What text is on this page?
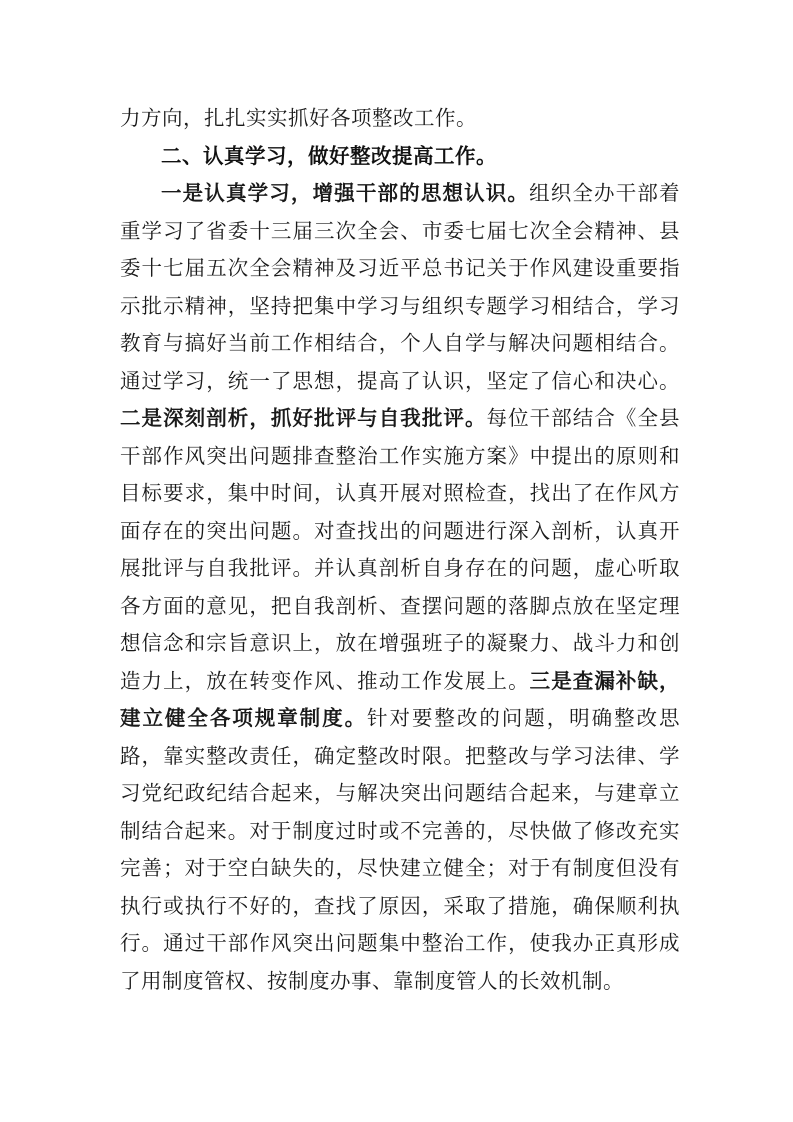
力方向，扎扎实实抓好各项整改工作。

二、认真学习，做好整改提高工作。

一是认真学习，增强干部的思想认识。组织全办干部着重学习了省委十三届三次全会、市委七届七次全会精神、县委十七届五次全会精神及习近平总书记关于作风建设重要指示批示精神，坚持把集中学习与组织专题学习相结合，学习教育与搞好当前工作相结合，个人自学与解决问题相结合。通过学习，统一了思想，提高了认识，坚定了信心和决心。二是深刻剖析，抓好批评与自我批评。每位干部结合《全县干部作风突出问题排查整治工作实施方案》中提出的原则和目标要求，集中时间，认真开展对照检查，找出了在作风方面存在的突出问题。对查找出的问题进行深入剖析，认真开展批评与自我批评。并认真剖析自身存在的问题，虚心听取各方面的意见，把自我剖析、查摆问题的落脚点放在坚定理想信念和宗旨意识上，放在增强班子的凝聚力、战斗力和创造力上，放在转变作风、推动工作发展上。三是查漏补缺，建立健全各项规章制度。针对要整改的问题，明确整改思路，靠实整改责任，确定整改时限。把整改与学习法律、学习党纪政纪结合起来，与解决突出问题结合起来，与建章立制结合起来。对于制度过时或不完善的，尽快做了修改充实完善；对于空白缺失的，尽快建立健全；对于有制度但没有执行或执行不好的，查找了原因，采取了措施，确保顺利执行。通过干部作风突出问题集中整治工作，使我办正真形成了用制度管权、按制度办事、靠制度管人的长效机制。
